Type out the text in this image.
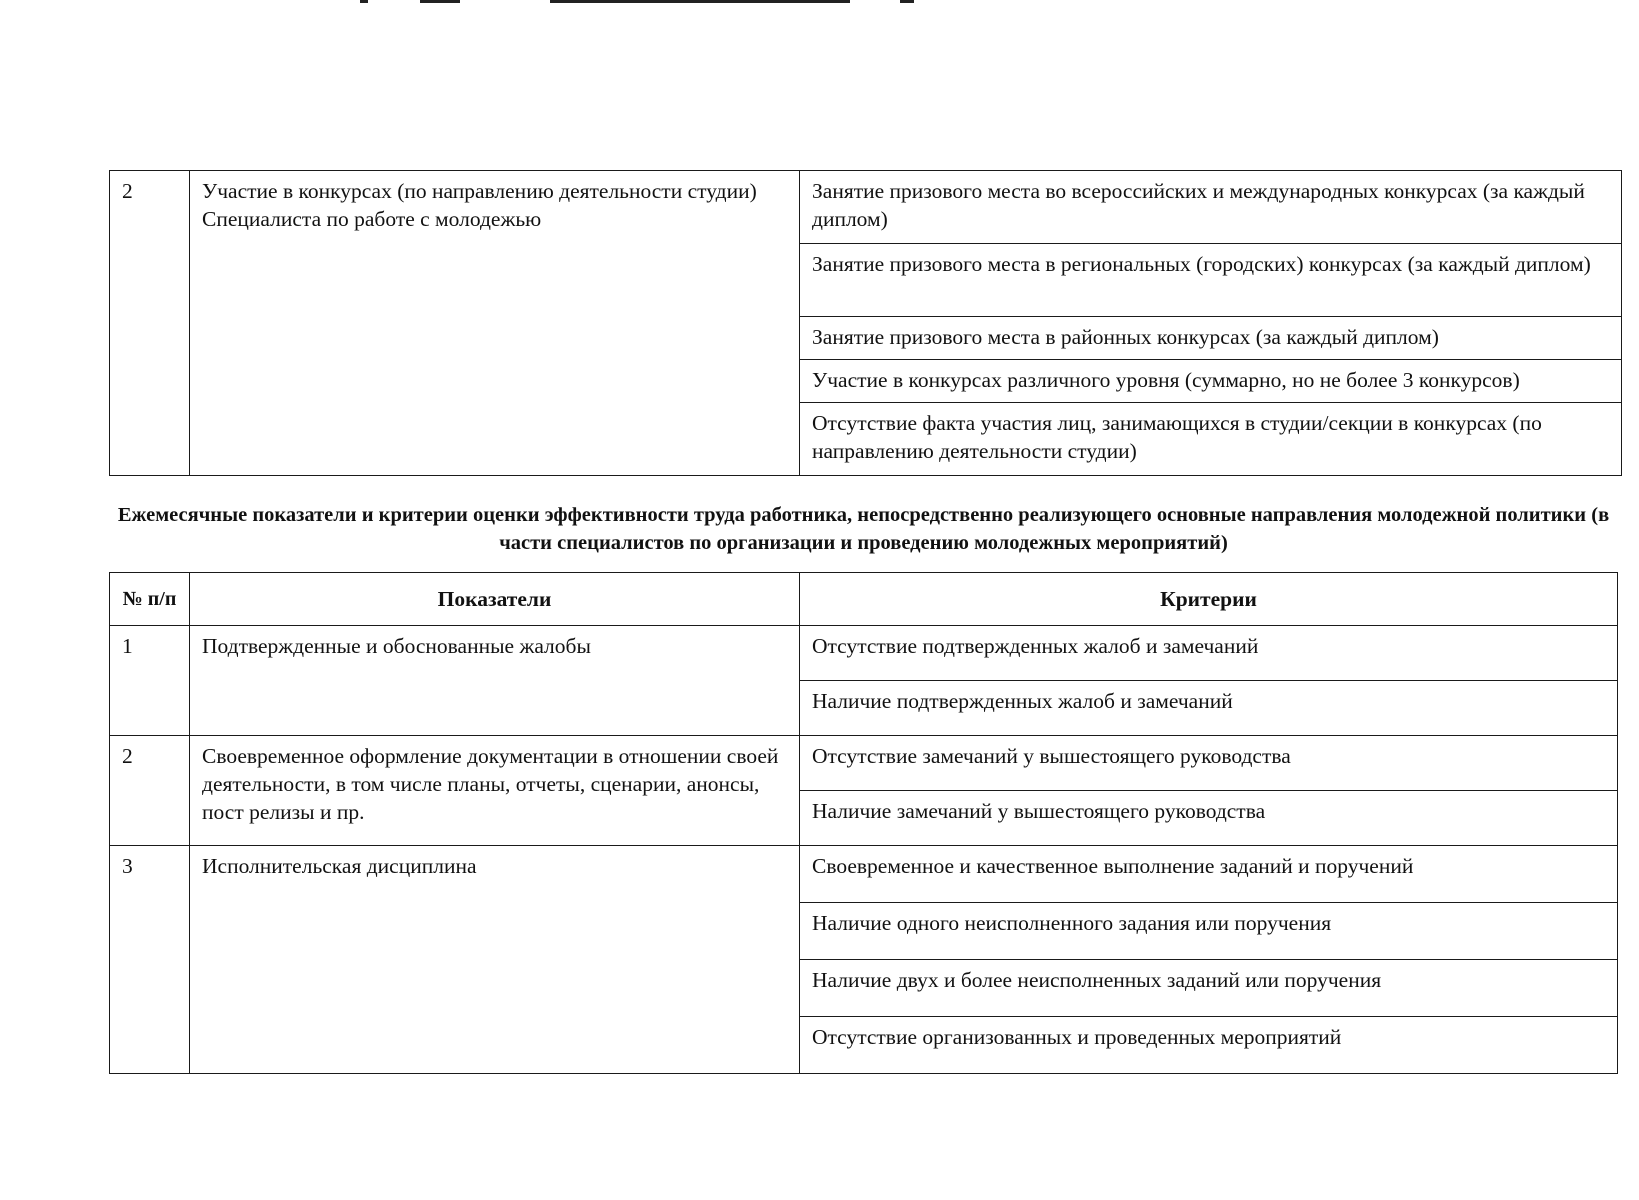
2	Участие в конкурсах (по направлению деятельности студии) Специалиста по работе с молодежью	Занятие призового места во всероссийских и международных конкурсах (за каждый диплом)
Занятие призового места в региональных (городских) конкурсах (за каждый диплом)
Занятие призового места в районных конкурсах (за каждый диплом)
Участие в конкурсах различного уровня (суммарно, но не более 3 конкурсов)
Отсутствие факта участия лиц, занимающихся в студии/секции в конкурсах (по направлению деятельности студии)
Ежемесячные показатели и критерии оценки эффективности труда работника, непосредственно реализующего основные направления молодежной политики (в части специалистов по организации и проведению молодежных мероприятий)
№ п/п	Показатели	Критерии
1	Подтвержденные и обоснованные жалобы	Отсутствие подтвержденных жалоб и замечаний
		Наличие подтвержденных жалоб и замечаний
2	Своевременное оформление документации в отношении своей деятельности, в том числе планы, отчеты, сценарии, анонсы, пост релизы и пр.	Отсутствие замечаний у вышестоящего руководства
		Наличие замечаний у вышестоящего руководства
3	Исполнительская дисциплина	Своевременное и качественное выполнение заданий и поручений
		Наличие одного неисполненного задания или поручения
		Наличие двух и более неисполненных заданий или поручения
		Отсутствие организованных и проведенных мероприятий
